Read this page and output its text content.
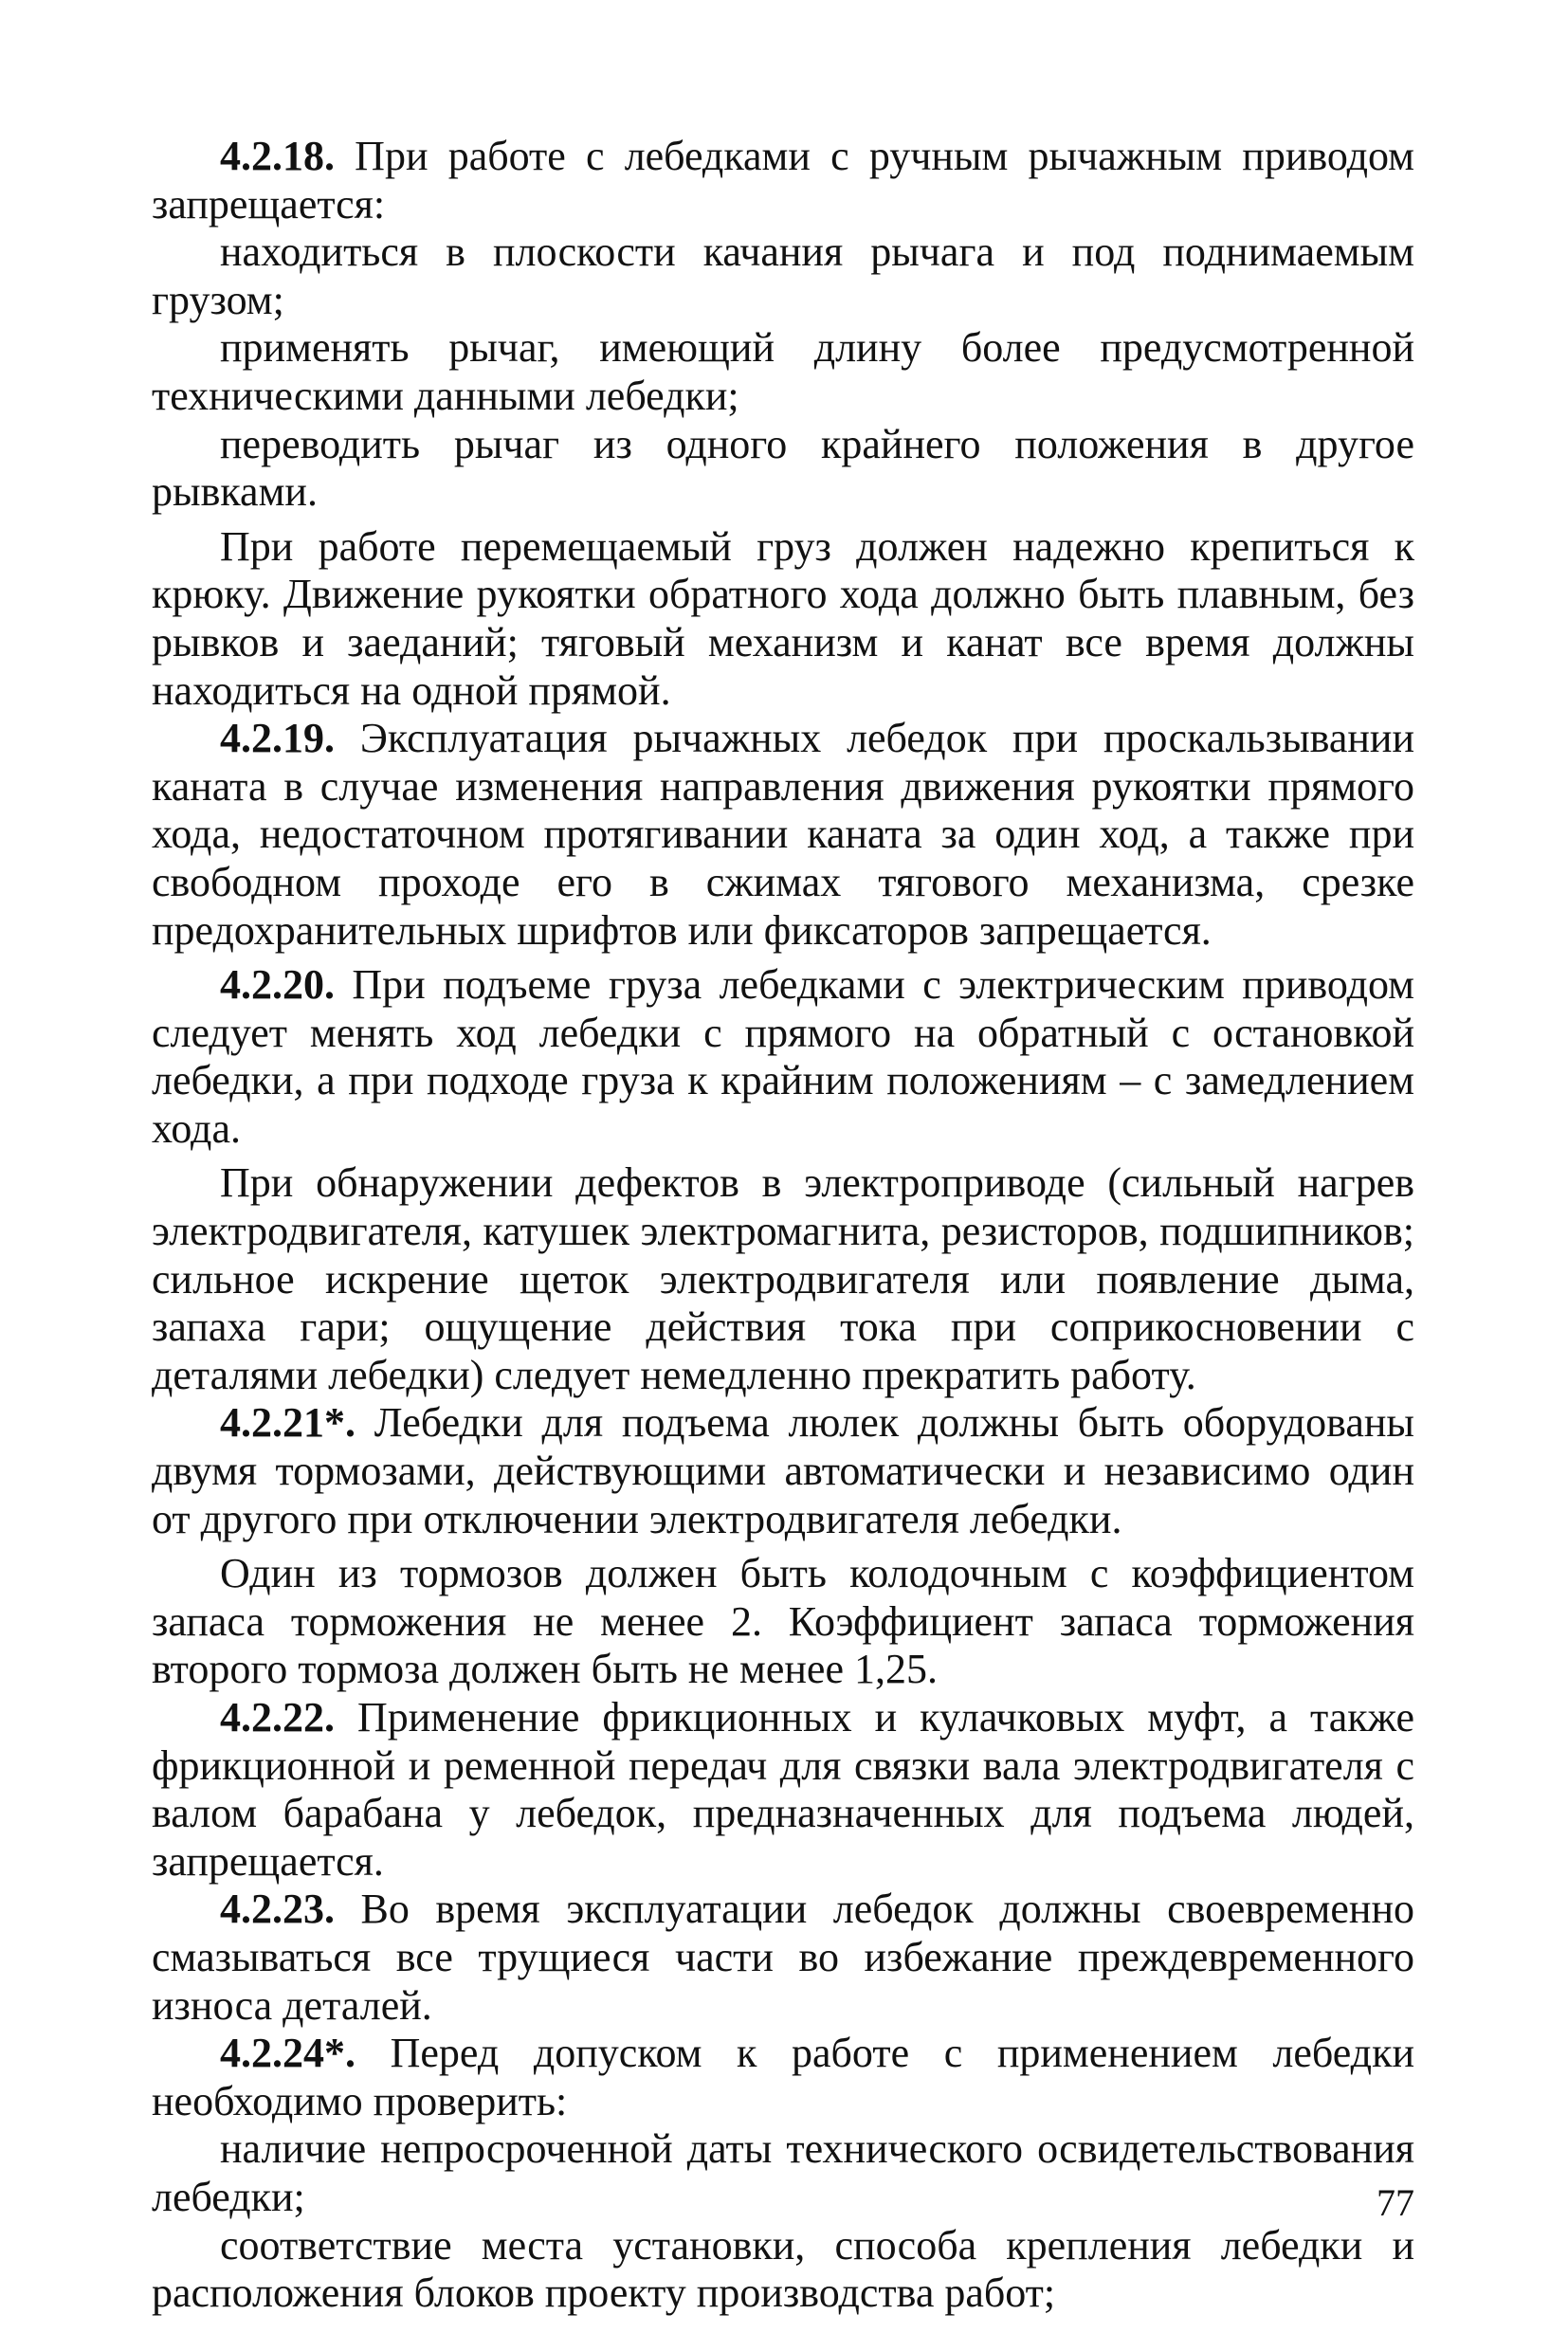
4.2.18. При работе с лебедками с ручным рычажным приводом запрещается:

находиться в плоскости качания рычага и под поднимаемым грузом;

применять рычаг, имеющий длину более предусмотренной техническими данными лебедки;

переводить рычаг из одного крайнего положения в другое рывками.

При работе перемещаемый груз должен надежно крепиться к крюку. Движение рукоятки обратного хода должно быть плавным, без рывков и заеданий; тяговый механизм и канат все время должны находиться на одной прямой.

4.2.19. Эксплуатация рычажных лебедок при проскальзывании каната в случае изменения направления движения рукоятки прямого хода, недостаточном протягивании каната за один ход, а также при свободном проходе его в сжимах тягового механизма, срезке предохранительных шрифтов или фиксаторов запрещается.

4.2.20. При подъеме груза лебедками с электрическим приводом следует менять ход лебедки с прямого на обратный с остановкой лебедки, а при подходе груза к крайним положениям – с замедлением хода.

При обнаружении дефектов в электроприводе (сильный нагрев электродвигателя, катушек электромагнита, резисторов, подшипников; сильное искрение щеток электродвигателя или появление дыма, запаха гари; ощущение действия тока при соприкосновении с деталями лебедки) следует немедленно прекратить работу.

4.2.21*. Лебедки для подъема люлек должны быть оборудованы двумя тормозами, действующими автоматически и независимо один от другого при отключении электродвигателя лебедки.

Один из тормозов должен быть колодочным с коэффициентом запаса торможения не менее 2. Коэффициент запаса торможения второго тормоза должен быть не менее 1,25.

4.2.22. Применение фрикционных и кулачковых муфт, а также фрикционной и ременной передач для связки вала электродвигателя с валом барабана у лебедок, предназначенных для подъема людей, запрещается.

4.2.23. Во время эксплуатации лебедок должны своевременно смазываться все трущиеся части во избежание преждевременного износа деталей.

4.2.24*. Перед допуском к работе с применением лебедки необходимо проверить:

наличие непросроченной даты технического освидетельствования лебедки;

соответствие места установки, способа крепления лебедки и расположения блоков проекту производства работ;

77
